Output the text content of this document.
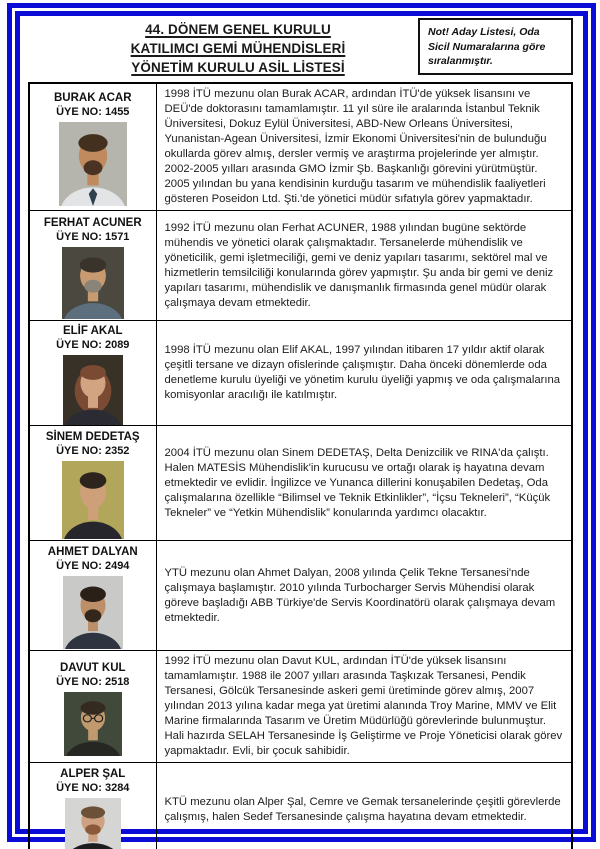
44. DÖNEM GENEL KURULU
KATILIMCI GEMİ MÜHENDİSLERİ
YÖNETİM KURULU ASİL LİSTESİ
Not! Aday Listesi, Oda Sicil Numaralarına göre sıralanmıştır.
BURAK ACAR
ÜYE NO: 1455	1998 İTÜ mezunu olan Burak ACAR, ardından İTÜ'de yüksek lisansını ve DEÜ'de doktorasını tamamlamıştır. 11 yıl süre ile aralarında İstanbul Teknik Üniversitesi, Dokuz Eylül Üniversitesi, ABD-New Orleans Üniversitesi, Yunanistan-Agean Üniversitesi, İzmir Ekonomi Üniversitesi'nin de bulunduğu okullarda görev almış, dersler vermiş ve araştırma projelerinde yer almıştır. 2002-2005 yılları arasında GMO İzmir Şb. Başkanlığı görevini yürütmüştür. 2005 yılından bu yana kendisinin kurduğu tasarım ve mühendislik faaliyetleri gösteren Poseidon Ltd. Şti.'de yönetici müdür sıfatıyla görev yapmaktadır.

FERHAT ACUNER
ÜYE NO: 1571	1992 İTÜ mezunu olan Ferhat ACUNER, 1988 yılından bugüne sektörde mühendis ve yönetici olarak çalışmaktadır. Tersanelerde mühendislik ve yöneticilik, gemi işletmeciliği, gemi ve deniz yapıları tasarımı, sektörel mal ve hizmetlerin temsilciliği konularında görev yapmıştır. Şu anda bir gemi ve deniz yapıları tasarımı, mühendislik ve danışmanlık firmasında genel müdür olarak çalışmaya devam etmektedir.

ELİF AKAL
ÜYE NO: 2089	1998 İTÜ mezunu olan Elif AKAL, 1997 yılından itibaren 17 yıldır aktif olarak çeşitli tersane ve dizayn ofislerinde çalışmıştır. Daha önceki dönemlerde oda denetleme kurulu üyeliği ve yönetim kurulu üyeliği yapmış ve oda çalışmalarına komisyonlar aracılığı ile katılmıştır.

SİNEM DEDETAŞ
ÜYE NO: 2352	2004 İTÜ mezunu olan Sinem DEDETAŞ, Delta Denizcilik ve RINA'da çalıştı. Halen MATESİS Mühendislik'in kurucusu ve ortağı olarak iş hayatına devam etmektedir ve evlidir. İngilizce ve Yunanca dillerini konuşabilen Dedetaş, Oda çalışmalarına özellikle “Bilimsel ve Teknik Etkinlikler”, “İçsu Tekneleri”, “Küçük Tekneler” ve “Yetkin Mühendislik” konularında yardımcı olacaktır.

AHMET DALYAN
ÜYE NO: 2494	YTÜ mezunu olan Ahmet Dalyan, 2008 yılında Çelik Tekne Tersanesi'nde çalışmaya başlamıştır. 2010 yılında Turbocharger Servis Mühendisi olarak göreve başladığı ABB Türkiye'de Servis Koordinatörü olarak çalışmaya devam etmektedir.

DAVUT KUL
ÜYE NO: 2518	1992 İTÜ mezunu olan Davut KUL, ardından İTÜ'de yüksek lisansını tamamlamıştır. 1988 ile 2007 yılları arasında Taşkızak Tersanesi, Pendik Tersanesi, Gölcük Tersanesinde askeri gemi üretiminde görev almış, 2007 yılından 2013 yılına kadar mega yat üretimi alanında Troy Marine, MMV ve Elit Marine firmalarında Tasarım ve Üretim Müdürlüğü görevlerinde bulunmuştur. Hali hazırda SELAH Tersanesinde İş Geliştirme ve Proje Yöneticisi olarak görev yapmaktadır. Evli, bir çocuk sahibidir.

ALPER ŞAL
ÜYE NO: 3284	KTÜ mezunu olan Alper Şal, Cemre ve Gemak tersanelerinde çeşitli görevlerde çalışmış, halen Sedef Tersanesinde çalışma hayatına devam etmektedir.
